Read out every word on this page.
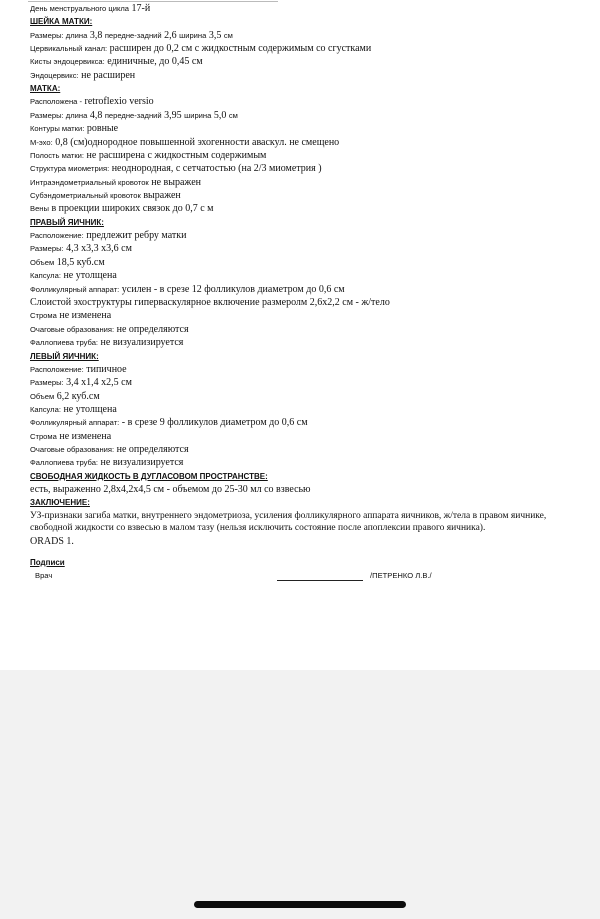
День менструального цикла 17-й
ШЕЙКА МАТКИ:
Размеры: длина 3,8 передне-задний 2,6 ширина 3,5 см
Цервикальный канал: расширен до 0,2 см с жидкостным содержимым со сгустками
Кисты эндоцервикса: единичные, до 0,45 см
Эндоцервикс: не расширен
МАТКА:
Расположена - retroflexio versio
Размеры: длина 4,8 передне-задний 3,95 ширина 5,0 см
Контуры матки: ровные
М-эхо: 0,8 (см)однородное повышенной эхогенности аваскул. не смещено
Полость матки: не расширена с жидкостным содержимым
Структура миометрия: неоднородная, с сетчатостью (на 2/3 миометрия )
Интраэндометриальный кровоток не выражен
Субэндометриальный кровоток выражен
Вены в проекции широких связок до 0,7 с м
ПРАВЫЙ ЯИЧНИК:
Расположение: предлежит ребру матки
Размеры: 4,3 х3,3 х3,6 см
Объем 18,5 куб.см
Капсула: не утолщена
Фолликулярный аппарат: усилен - в срезе 12 фолликулов диаметром до 0,6 см
Слоистой эхоструктуры гиперваскулярное включение размеролм 2,6х2,2 см - ж/тело
Строма не изменена
Очаговые образования: не определяются
Фаллопиева труба: не визуализируется
ЛЕВЫЙ ЯИЧНИК:
Расположение: типичное
Размеры: 3,4 х1,4 х2,5 см
Объем 6,2 куб.см
Капсула: не утолщена
Фолликулярный аппарат: - в срезе 9 фолликулов диаметром до 0,6 см
Строма не изменена
Очаговые образования: не определяются
Фаллопиева труба: не визуализируется
СВОБОДНАЯ ЖИДКОСТЬ В ДУГЛАСОВОМ ПРОСТРАНСТВЕ:
есть, выраженно 2,8х4,2х4,5 см - объемом до 25-30 мл со взвесью
ЗАКЛЮЧЕНИЕ:
УЗ-признаки загиба матки, внутреннего эндометриоза, усиления фолликулярного аппарата яичников, ж/тела в правом яичнике, свободной жидкости со взвесью в малом тазу (нельзя исключить состояние после апоплексии правого яичника).
ORADS 1.
Подписи
Врач	/ПЕТРЕНКО Л.В./
